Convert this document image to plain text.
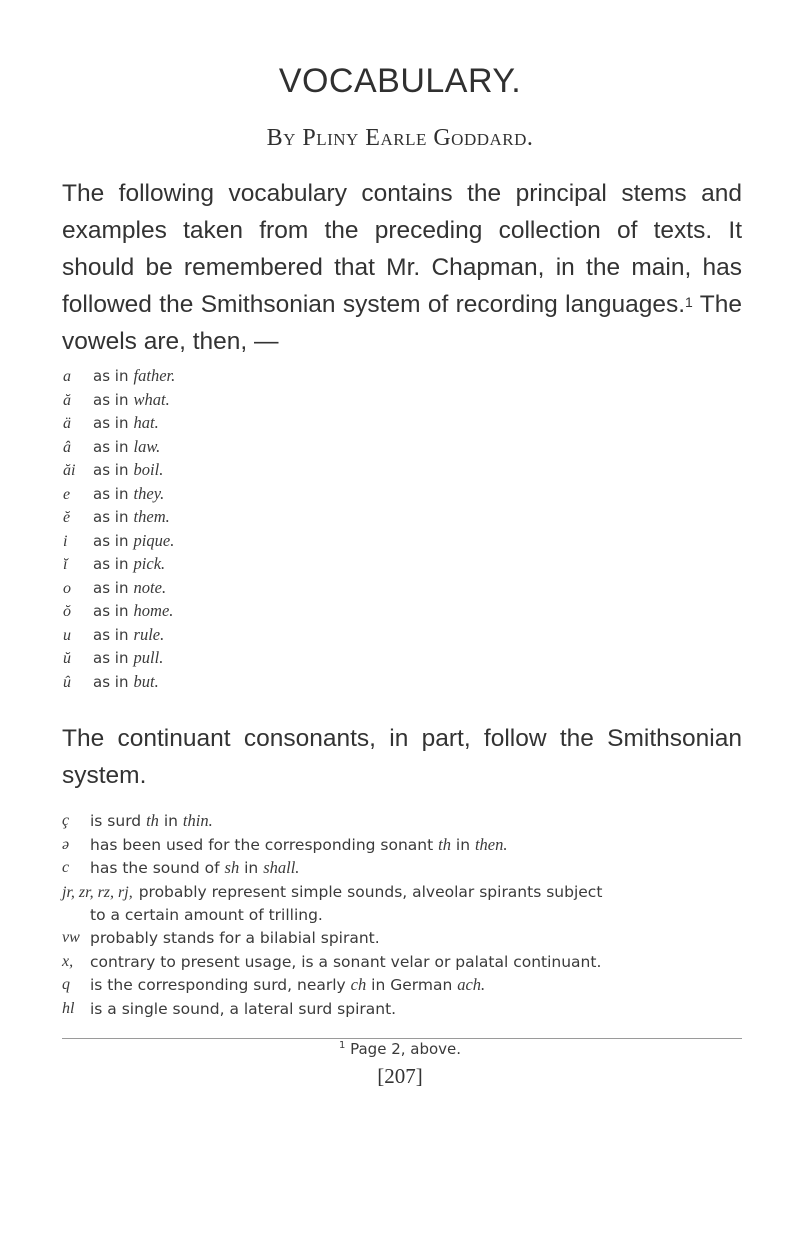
VOCABULARY.
By Pliny Earle Goddard.
The following vocabulary contains the principal stems and examples taken from the preceding collection of texts. It should be remembered that Mr. Chapman, in the main, has followed the Smithsonian system of recording languages.$^1$ The vowels are, then, —
a as in father.
ă as in what.
ä as in hat.
â as in law.
ăi as in boil.
e as in they.
ĕ as in them.
i as in pique.
ĭ as in pick.
o as in note.
ŏ as in home.
u as in rule.
ŭ as in pull.
û as in but.
The continuant consonants, in part, follow the Smithsonian system.
ç is surd th in thin.
ǝ has been used for the corresponding sonant th in then.
c has the sound of sh in shall.
jr, zr, rz, rj, probably represent simple sounds, alveolar spirants subject
to a certain amount of trilling.
vw probably stands for a bilabial spirant.
x, contrary to present usage, is a sonant velar or palatal continuant.
q is the corresponding surd, nearly ch in German ach.
hl is a single sound, a lateral surd spirant.
$^1$ Page 2, above.
[207]
